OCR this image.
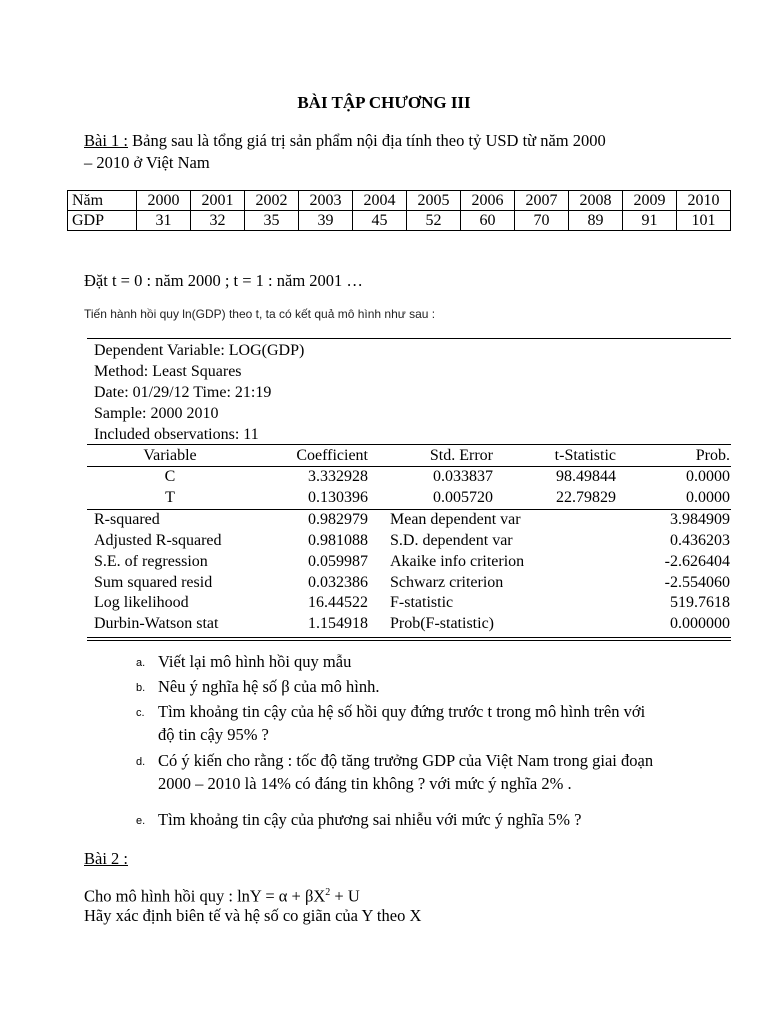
BÀI TẬP CHƯƠNG III
Bài 1 : Bảng sau là tổng giá trị sản phẩm nội địa tính theo tỷ USD từ năm 2000
– 2010 ở Việt Nam
Năm	2000	2001	2002	2003	2004	2005	2006	2007	2008	2009	2010
GDP	31	32	35	39	45	52	60	70	89	91	101
Đặt t = 0 : năm 2000 ; t = 1 : năm 2001 …
Tiến hành hồi quy ln(GDP) theo t, ta có kết quả mô hình như sau :
Dependent Variable: LOG(GDP)
Method: Least Squares
Date: 01/29/12 Time: 21:19
Sample: 2000 2010
Included observations: 11
Variable	Coefficient	Std. Error	t-Statistic	Prob.
C	3.332928	0.033837	98.49844	0.0000
T	0.130396	0.005720	22.79829	0.0000
R-squared	0.982979 Mean dependent var	3.984909
Adjusted R-squared	0.981088 S.D. dependent var	0.436203
S.E. of regression	0.059987 Akaike info criterion	-2.626404
Sum squared resid	0.032386 Schwarz criterion	-2.554060
Log likelihood	16.44522 F-statistic	519.7618
Durbin-Watson stat	1.154918 Prob(F-statistic)	0.000000
a. Viết lại mô hình hồi quy mẫu
b. Nêu ý nghĩa hệ số β của mô hình.
c. Tìm khoảng tin cậy của hệ số hồi quy đứng trước t trong mô hình trên với độ tin cậy 95% ?
d. Có ý kiến cho rằng : tốc độ tăng trưởng GDP của Việt Nam trong giai đoạn 2000 – 2010 là 14% có đáng tin không ? với mức ý nghĩa 2% .
e. Tìm khoảng tin cậy của phương sai nhiễu với mức ý nghĩa 5% ?
Bài 2 :
Cho mô hình hồi quy : $\ln Y = \alpha + \beta X^2 + U$
Hãy xác định biên tế và hệ số co giãn của Y theo X
